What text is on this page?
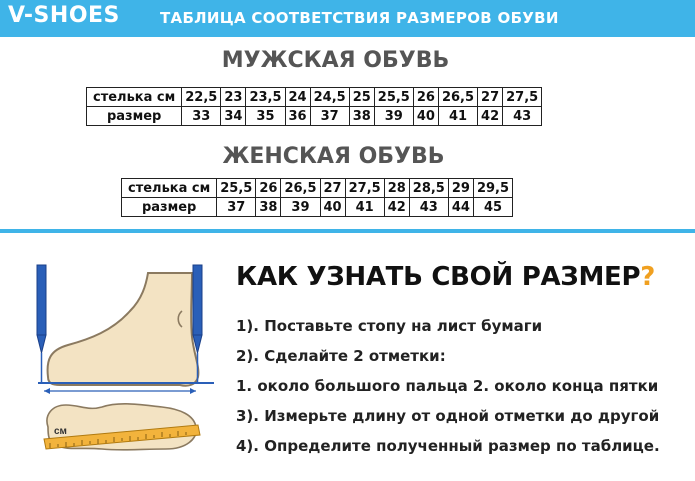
V-SHOES	ТАБЛИЦА СООТВЕТСТВИЯ РАЗМЕРОВ ОБУВИ
МУЖСКАЯ ОБУВЬ
стелька см	22,5	23	23,5	24	24,5	25	25,5	26	26,5	27	27,5
размер	33	34	35	36	37	38	39	40	41	42	43
ЖЕНСКАЯ ОБУВЬ
стелька см	25,5	26	26,5	27	27,5	28	28,5	29	29,5
размер	37	38	39	40	41	42	43	44	45
см
КАК УЗНАТЬ СВОЙ РАЗМЕР?
1). Поставьте стопу на лист бумаги
2). Сделайте 2 отметки:
1. около большого пальца 2. около конца пятки
3). Измерьте длину от одной отметки до другой
4). Определите полученный размер по таблице.
